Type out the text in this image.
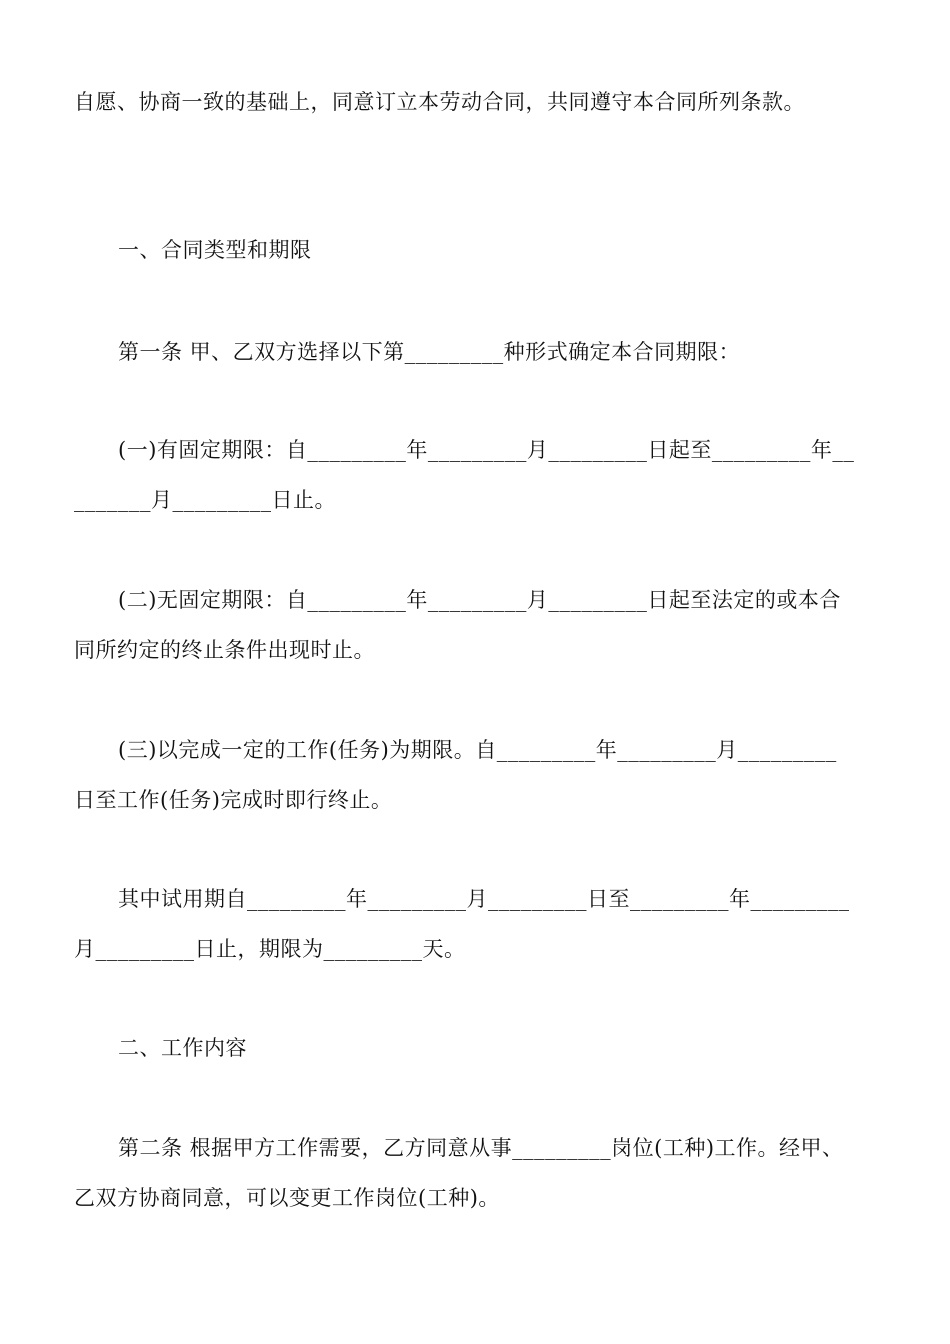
自愿、协商一致的基础上，同意订立本劳动合同，共同遵守本合同所列条款。
一、合同类型和期限
第一条 甲、乙双方选择以下第_________种形式确定本合同期限：
(一)有固定期限：自_________年_________月_________日起至_________年__
_______月_________日止。
(二)无固定期限：自_________年_________月_________日起至法定的或本合
同所约定的终止条件出现时止。
(三)以完成一定的工作(任务)为期限。自_________年_________月_________
日至工作(任务)完成时即行终止。
其中试用期自_________年_________月_________日至_________年_________
月_________日止，期限为_________天。
二、工作内容
第二条 根据甲方工作需要，乙方同意从事_________岗位(工种)工作。经甲、
乙双方协商同意，可以变更工作岗位(工种)。
